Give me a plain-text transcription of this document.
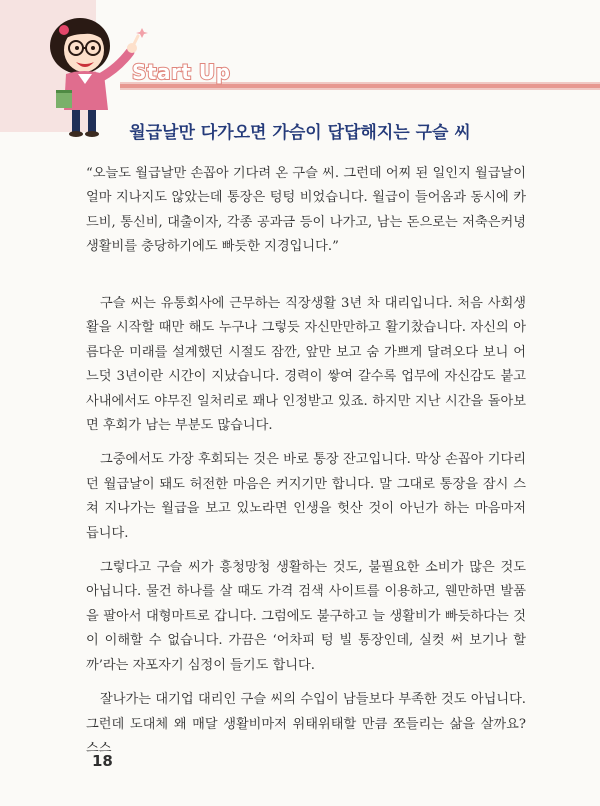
Start Up
월급날만 다가오면 가슴이 답답해지는 구슬 씨
“오늘도 월급날만 손꼽아 기다려 온 구슬 씨. 그런데 어찌 된 일인지 월급날이 얼마 지나지도 않았는데 통장은 텅텅 비었습니다. 월급이 들어옴과 동시에 카드비, 통신비, 대출이자, 각종 공과금 등이 나가고, 남는 돈으로는 저축은커녕 생활비를 충당하기에도 빠듯한 지경입니다.”

구슬 씨는 유통회사에 근무하는 직장생활 3년 차 대리입니다. 처음 사회생활을 시작할 때만 해도 누구나 그렇듯 자신만만하고 활기찼습니다. 자신의 아름다운 미래를 설계했던 시절도 잠깐, 앞만 보고 숨 가쁘게 달려오다 보니 어느덧 3년이란 시간이 지났습니다. 경력이 쌓여 갈수록 업무에 자신감도 붙고 사내에서도 야무진 일처리로 꽤나 인정받고 있죠. 하지만 지난 시간을 돌아보면 후회가 남는 부분도 많습니다.

그중에서도 가장 후회되는 것은 바로 통장 잔고입니다. 막상 손꼽아 기다리던 월급날이 돼도 허전한 마음은 커지기만 합니다. 말 그대로 통장을 잠시 스쳐 지나가는 월급을 보고 있노라면 인생을 헛산 것이 아닌가 하는 마음마저 듭니다.

그렇다고 구슬 씨가 흥청망청 생활하는 것도, 불필요한 소비가 많은 것도 아닙니다. 물건 하나를 살 때도 가격 검색 사이트를 이용하고, 웬만하면 발품을 팔아서 대형마트로 갑니다. 그럼에도 불구하고 늘 생활비가 빠듯하다는 것이 이해할 수 없습니다. 가끔은 ‘어차피 텅 빌 통장인데, 실컷 써 보기나 할까’라는 자포자기 심정이 들기도 합니다.

잘나가는 대기업 대리인 구슬 씨의 수입이 남들보다 부족한 것도 아닙니다. 그런데 도대체 왜 매달 생활비마저 위태위태할 만큼 쪼들리는 삶을 살까요? 스스

18
